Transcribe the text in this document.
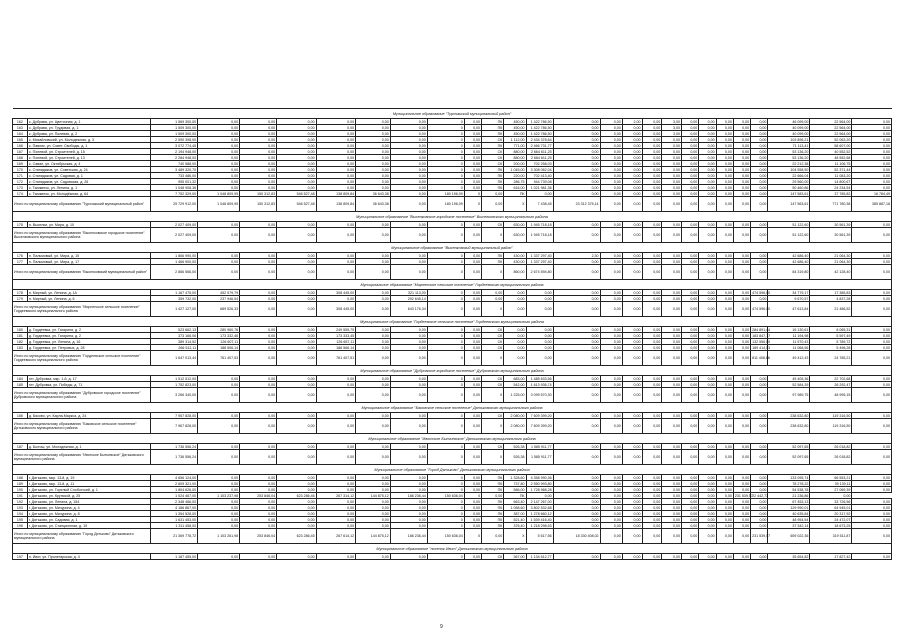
Муниципальное образование "Турочакский муниципальный район"																										
162	с. Дубрава, ул. Цветочная, д. 1	1 569 300,00	0,00	0,00	0,00	0,00	0,00	0,00	0	0,00	ПК	450,00	1 422 786,50	0,00	0,00	2,00	0,00	3,00	0,00	0,00	0,00	0,00	0,00	46 099,00	22 564,00	0,00
163	с. Дубрава, ул. Трудовая, д. 1	1 509 300,00	0,00	0,00	0,00	0,00	0,00	0,00	0	0,00	ПК	450,00	1 422 786,50	0,00	0,00	0,00	0,00	3,00	0,00	0,00	0,00	0,00	0,00	40 099,00	22 564,00	0,00
164	с. Дубрава, ул. Полевая, д. 2	1 509 300,00	0,00	0,00	0,00	0,00	0,00	0,00	0	0,00	ПК	450,00	1 422 786,50	0,00	0,00	0,00	0,00	3,00	0,00	0,00	0,00	0,00	0,00	40 099,00	22 564,00	0,00
165	с. Михайловский, ул. Молодежная, д. 3	2 590 398,00	0,00	0,00	0,00	0,00	0,00	0,00	0	0,00	СК	1 112,00	2 434 378,64	0,00	0,00	0,00	0,00	0,00	0,00	0,00	0,00	0,00	0,00	103 896,21	52 063,20	0,00
166	с. Павлик, ул. Совет. Свободы, д. 1	3 072 774,45	0,00	0,00	0,00	0,00	0,00	0,00	0	0,00	ПК	771,00	2 466 731,77	0,00	0,00	0,00	0,00	0,00	0,00	0,00	0,00	0,00	0,00	71 113,41	58 607,00	0,00
167	с. Полевой, ул. Строителей, д. 15	2 194 948,00	0,00	0,00	0,00	0,00	0,00	0,00	0	0,00	СК	880,00	2 664 611,25	0,00	0,00	0,00	0,00	0,00	0,00	0,00	0,00	0,00	0,00	53 136,20	40 552,52	0,00
168	с. Полевой, ул. Строителей, д. 13	2 284 948,00	0,00	0,00	0,00	0,00	0,00	0,00	0	0,00	СК	880,00	2 664 611,25	0,00	0,00	0,00	0,00	0,00	0,00	0,00	0,00	0,00	0,00	53 136,20	48 552,68	0,00
169	с. Савал, ул. Октябрьская, д. 4	740 588,00	0,00	0,00	0,00	0,00	0,00	0,00	0	0,00	СК	200,00	702 258,03	0,00	0,00	0,00	0,00	0,00	0,00	0,00	0,00	0,00	0,00	22 212,38	11 106,75	0,00
170	с. Станидаков, ул. Советская, д. 24	3 489 320,70	0,00	0,00	0,00	0,00	0,00	0,00	0	0,00	ПК	1 045,00	3 308 062,04	0,00	0,00	0,00	0,00	0,00	0,00	0,00	0,00	0,00	0,00	104 558,50	52 371,44	0,00
171	с. Станидаков, ул. Садовая, д. 1	733 486,00	0,00	0,00	0,00	0,00	0,00	0,00	0	0,00	ПК	220,00	702 413,40	0,00	0,00	0,00	0,00	0,00	0,00	0,00	0,00	0,00	0,00	22 666,04	11 083,20	0,00
172	с. Станидаков, ул. Садовская, д. 26	955 001,32	0,00	0,00	0,00	0,00	0,00	0,00	0	0,00	ПК	286,75	944 739,08	0,00	0,00	0,00	0,00	0,00	0,00	0,00	0,00	0,00	0,00	29 560,00	14 800,67	0,00
173	с. Тымкинок, ул. Ленина, д. 1	1 048 908,36	0,00	0,00	0,00	0,00	0,00	0,00	0	0,00	ПК	616,00	1 021 981,36	0,00	0,00	0,00	0,00	0,00	0,00	0,00	0,00	0,00	0,00	50 460,86	24 234,54	0,00
174	с. Тымкинок, ул. Молодёжная, д. 64	7 752 329,00	1 048 809,95	150 312,83	546 527,48	138 809,84	36 643,38	0,00	180 196,09	0	0,00	ПК	0,00	0,00	0,00	0,00	0,00	0,00	0,00	0,00	0,00	0,00	0,00	147 583,61	37 785,82	16 784,49
Итого по муниципальному образованию "Турочакский муниципальный район"		25 729 912,00	1 048 809,95	150 312,83	546 527,48	138 809,84	36 643,38	0,00	180 196,09	0	0,00	X	7 438,45	23 312 375,14	0,00	0,00	0,00	0,00	0,00	0,00	0,00	0,00	0,00	147 563,61	771 780,38	385 887,18
Муниципальное образование "Выселковское городское поселение" Выселковского муниципального района																										
175	п. Выселки, ул. Мира, д. 10	2 027 409,00	0,00	0,00	0,00	0,00	0,00	0,00	0	0,00	СК	630,00	1 945 718,18	0,00	0,00	0,00	0,00	0,00	0,00	0,00	0,00	0,00	0,00	51 122,60	30 561,39	0,00
Итого по муниципальному образованию "Выселковское городское поселение" Выселковского муниципального района		2 027 409,00	0,00	0,00	0,00	0,00	0,00	0,00	0	0,00	X	630,00	1 945 718,18	0,00	0,00	0,00	0,00	0,00	0,00	0,00	0,00	0,00	0,00	51 122,60	30 561,39	0,00
Муниципальное образование "Выселковский муниципальный район"																										
176	п. Пальмовый, ул. Мира, д. 15	1 866 990,00	0,00	0,00	0,00	0,00	0,00	0,00	0	0,00	ПК	430,00	1 337 297,40	2,30	0,00	0,00	0,00	0,00	0,00	0,00	0,00	0,00	0,00	42 686,40	21 064,30	0,00
177	п. Пальмовый, ул. Мира, д. 17	1 466 900,00	0,00	0,00	0,00	0,00	0,00	0,00	0	0,00	ПК	430,00	1 337 297,40	0,00	0,00	0,00	0,00	0,00	0,00	0,00	0,00	0,00	0,00	42 686,40	21 064,30	0,00
Итого по муниципальному образованию "Выселковский муниципальный район"		2 866 566,00	0,00	0,00	0,00	0,00	0,00	0,00	0	0,00	X	860,00	2 674 594,80	0,00	0,00	0,00	0,00	0,00	0,00	0,00	0,00	0,00	0,00	84 319,80	42 128,40	0,00
Муниципальное образование "Мирненское сельское поселение" Гордеевского муниципального района																										
178	п. Мирный, ул. Ленина, д. 1А	1 167 475,00	452 579,79	0,00	0,00	308 445,00	0,00	321 113,00	0	0,00	0,00	0,00	0,00	0,00	0,00	0,00	0,00	0,00	0,00	0,00	0,00	0,00	474 596,00	34 779,17	17 385,83	0,00
179	п. Мирный, ул. Ленина, д. 6	359 732,00	237 946,54	0,00	0,00	0,00	0,00	292 645,14	0	0,00	0,00	0,00	0,00	0,00	0,00	0,00	0,00	0,00	0,00	0,00	0,00	0,00	0,00	9 670,57	4 837,28	0,00
Итого по муниципальному образованию "Мирненское сельское поселение" Гордеевского муниципального района		1 427 127,00	689 526,33	0,00	0,00	308 445,00	0,00	643 176,34	0	0,00	X	0,00	0,00	0,00	0,00	0,00	0,00	0,00	0,00	0,00	0,00	0,00	474 596,00	47 613,84	21 486,52	0,00
Муниципальное образование "Гордеевское сельское поселение" Гордеевского муниципального района																										
180	д. Гордеевка, ул. Гагарина, д. 2	523 662,13	280 960,76	0,00	0,00	249 555,75	0,00	0,00	0	0,00	СК	0,00	0,00	0,00	0,00	0,00	0,00	0,00	0,00	0,00	0,00	0,00	284 891,44	16 130,61	8 065,31	0,00
181	д. Гордеевка, ул. Гагарина, д. 2	373 166,06	173 332,46	0,00	0,00	173 333,45	0,00	0,00	0	0,00	СК	0,00	0,00	0,00	0,00	0,00	0,00	0,00	0,00	0,00	0,00	0,00	183 847,17	11 194,98	5 597,49	0,00
182	д. Гордеевка, ул. Ленина, д. 16	389 314,52	126 607,11	0,00	0,00	126 657,11	0,00	0,00	0	0,00	СК	0,00	0,00	0,00	0,00	0,00	0,00	0,00	0,00	0,00	0,00	0,00	132 556,00	11 570,43	5 789,72	0,00
183	д. Гордеевка, ул. Петровых, д. 28	266 512,11	188 506,14	0,00	0,00	188 566,14	0,00	0,00	0	0,00	СК	0,00	0,00	0,00	0,00	0,00	0,00	0,00	0,00	0,00	0,00	0,00	189 414,53	11 068,56	5 498,28	0,00
Итого по муниципальному образованию "Гордеевское сельское поселение" Гордеевского муниципального района		1 647 013,44	761 407,53	0,00	0,00	761 407,51	0,00	0,00	0	0,00	X	0,00	0,00	0,00	0,00	0,00	0,00	0,00	0,00	0,00	0,00	0,00	811 408,86	49 412,43	24 785,21	0,00
Муниципальное образование "Дубровское городское поселение" Дубровского муниципального района																										
184	пгт. Дубровка, мкр. 1-й, д. 17	1 512 512,00	0,00	0,00	0,00	0,00	0,00	0,00	0	0,00	СК	683,00	1 485 633,56	0,00	0,00	0,00	0,00	0,00	0,00	0,00	0,00	0,00	0,00	45 405,36	22 702,68	0,00
185	пгт. Дубровка, ул. Победы, д. 71	1 752 823,00	0,00	0,00	0,00	0,00	0,00	0,00	0	0,00	СК	542,00	1 613 936,74	0,00	0,00	0,00	0,00	0,00	0,00	0,00	0,00	0,00	0,00	52 584,39	26 292,47	0,00
Итого по муниципальному образованию "Дубровское городское поселение" Дубровского муниципального района		3 266 340,00	0,00	0,00	0,00	0,00	0,00	0,00	0	0,00	X	1 225,00	3 099 570,30	0,00	0,00	0,00	0,00	0,00	0,00	0,00	0,00	0,00	0,00	97 989,75	48 995,15	0,00
Муниципальное образование "Бяковское сельское поселение" Дятьковского муниципального района																										
186	д. Бяково, ул. Карла-Маркса, д. 24	7 957 828,00	0,00	0,00	0,00	0,00	0,00	0,00	0	0,00	СК	2 080,00	7 609 399,20	0,00	0,00	0,00	0,00	0,00	0,00	0,00	0,00	0,00	0,00	238 632,80	119 316,50	0,00
Итого по муниципальному образованию "Бяковское сельское поселение" Дятьковского муниципального района		7 967 828,00	0,00	0,00	0,00	0,00	0,00	0,00	0	0,00	X	2 080,00	7 609 399,20	0,00	0,00	0,00	0,00	0,00	0,00	0,00	0,00	0,00	0,00	238 632,80	119 316,50	0,00
Муниципальное образование "Ивотское Бытьевское" Дятьковского муниципального района																										
187	д. Бытош, ул. Молодежная, д. 1	1 736 556,24	0,00	0,00	0,00	0,00	0,00	0,00	0	0,00	СК	526,38	1 585 911,77	0,00	0,00	0,00	0,00	0,00	0,00	0,00	0,00	0,00	0,00	52 097,65	26 018,82	0,00
Итого по муниципальному образованию "Ивотское Бытьевское" Дятьковского муниципального района		1 736 556,24	0,00	0,00	0,00	0,00	0,00	0,00	0	0,00	X	526,38	1 585 911,77	0,00	0,00	0,00	0,00	0,00	0,00	0,00	0,00	0,00	0,00	52 097,65	26 018,82	0,00
Муниципальное образование "Город Дятьково" Дятьковского муниципального района																										
188	г. Дятьково, мкр. 13-й, д. 19	4 656 124,00	0,00	0,00	0,00	0,00	0,00	0,00	0	0,00	ПК	1 328,60	4 358 990,36	0,00	0,00	0,00	0,00	0,00	0,00	0,00	0,00	0,00	0,00	133 095,74	66 553,21	0,00
189	г. Дятьково, мкр. 13-й, д. 11	2 609 321,00	0,00	0,00	0,00	0,00	0,00	0,00	0	0,00	ПК	737,80	2 550 993,80	0,00	0,00	0,00	0,00	0,00	0,00	0,00	0,00	0,00	0,00	78 278,22	39 139,11	0,00
190	г. Дятьково, ул. Горелый Слоботский, д. 1	1 804 626,00	0,00	0,00	0,00	0,00	0,00	0,00	0	0,00	ПК	586,00	1 728 968,28	0,00	0,00	0,00	0,00	0,00	0,00	0,00	0,00	0,00	0,00	54 538,78	27 069,39	0,00
191	г. Дятьково, ул. Крупской, д. 25	1 024 467,00	1 103 237,98	253 846,04	623 286,46	267 314,12	144 875,12	186 236,44	150 636,04	0	0,00	ПК	0,00	0,00	0,00	0,00	0,00	0,00	0,00	0,00	0,00	231 539,57	22 442,73	21 236,86	0,00	
192	г. Дятьково, ул. Ленина, д. 154	2 348 466,00	0,00	0,00	0,00	0,00	0,00	0,00	0	0,00	ПК	663,40	2 147 267,00	0,00	0,00	0,00	0,00	0,00	0,00	0,00	0,00	0,00	0,00	67 453,13	33 726,56	0,00
193	г. Дятьково, ул. Мичурина, д. 4	4 186 867,00	0,00	0,00	0,00	0,00	0,00	0,00	0	0,00	ПК	1 058,60	3 802 532,68	0,00	0,00	0,00	0,00	0,00	0,00	0,00	0,00	0,00	0,00	129 990,01	64 945,01	0,00
194	г. Дятьково, ул. Мичурина, д. 8	1 354 528,00	0,00	0,00	0,00	0,00	0,00	0,00	0	0,00	ПК	387,00	1 278 660,12	0,00	0,00	0,00	0,00	0,00	0,00	0,00	0,00	0,00	0,00	40 635,84	20 317,92	0,00
195	г. Дятьково, ул. Садовая, д. 1	1 631 453,00	0,00	0,00	0,00	0,00	0,00	0,00	0	0,00	ПК	521,40	1 539 416,40	0,00	0,00	0,00	0,00	0,00	0,00	0,00	0,00	0,00	0,00	48 954,54	24 472,07	0,00
196	г. Дятьково, ул. Станционная, д. 19	1 311 458,00	0,00	0,00	0,00	0,00	0,00	0,00	0	0,00	ПК	376,40	1 218 298,53	0,00	0,00	0,00	0,00	0,00	0,00	0,00	0,00	0,00	0,00	37 342,14	18 673,25	0,00
Итого по муниципальному образованию "Город Дятьково" Дятьковского муниципального района		21 369 778,72	1 103 261,98	253 846,04	623 286,45	267 614,12	144 875,12	186 236,44	150 636,04	0	0,00	X	5 617,56	18 330 408,02	0,00	0,00	0,00	0,00	0,00	0,00	0,00	0,00	231 539,57	659 022,36	319 511,87	0,00
Муниципальное образование "поселок Ивот" Дятьковского муниципального района																										
197	п. Ивот, ул. Пролетарская, д. 4	1 187 455,00	0,00	0,00	0,00	0,00	0,00	0,00	0	0,00	СК	367,00	1 134 612,77	0,00	0,00	0,00	0,00	0,00	0,00	0,00	0,00	0,00	0,00	35 654,82	17 827,42	0,00
9
